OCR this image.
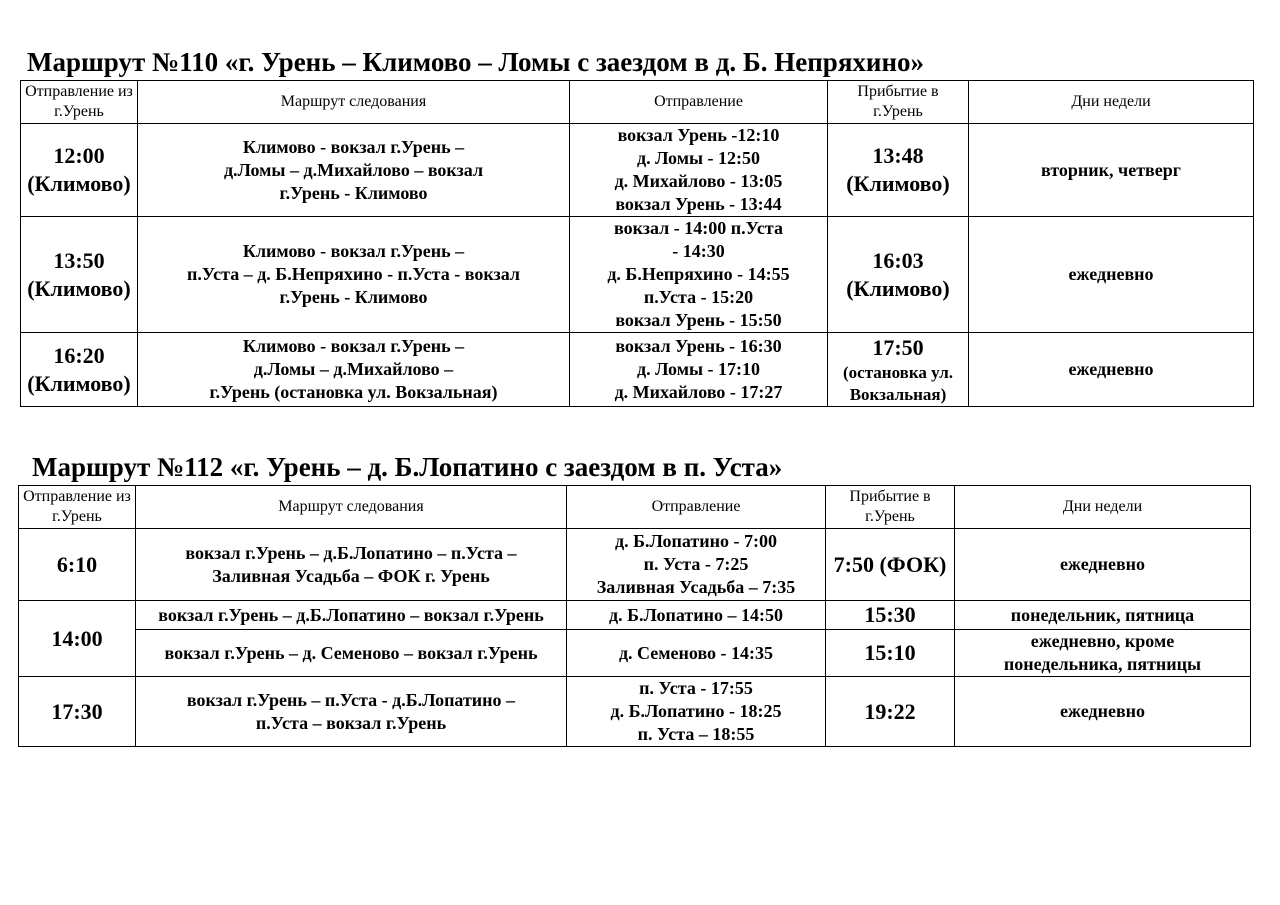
Маршрут №110 «г. Урень – Климово – Ломы с заездом в д. Б. Непряхино»
Отправление из г.Урень	Маршрут следования	Отправление	Прибытие в г.Урень	Дни недели

12:00
(Климово)	Климово - вокзал г.Урень –
д.Ломы – д.Михайлово – вокзал
г.Урень - Климово	вокзал Урень -12:10
д. Ломы - 12:50
д. Михайлово - 13:05
вокзал Урень - 13:44	13:48
(Климово)	вторник, четверг

13:50
(Климово)	Климово - вокзал г.Урень –
п.Уста – д. Б.Непряхино - п.Уста - вокзал
г.Урень - Климово	вокзал - 14:00 п.Уста
- 14:30
д. Б.Непряхино - 14:55
п.Уста - 15:20
вокзал Урень - 15:50	16:03
(Климово)	ежедневно

16:20
(Климово)	Климово - вокзал г.Урень –
д.Ломы – д.Михайлово –
г.Урень (остановка ул. Вокзальная)	вокзал Урень - 16:30
д. Ломы - 17:10
д. Михайлово - 17:27	17:50
(остановка ул.
Вокзальная)	ежедневно
Маршрут №112 «г. Урень – д. Б.Лопатино с заездом в п. Уста»
Отправление из г.Урень	Маршрут следования	Отправление	Прибытие в г.Урень	Дни недели

6:10	вокзал г.Урень – д.Б.Лопатино – п.Уста –
Заливная Усадьба – ФОК г. Урень	д. Б.Лопатино - 7:00
п. Уста - 7:25
Заливная Усадьба – 7:35	7:50 (ФОК)	ежедневно

14:00	вокзал г.Урень – д.Б.Лопатино – вокзал г.Урень	д. Б.Лопатино – 14:50	15:30	понедельник, пятница

	вокзал г.Урень – д. Семеново – вокзал г.Урень	д. Семеново - 14:35	15:10	ежедневно, кроме
понедельника, пятницы

17:30	вокзал г.Урень – п.Уста - д.Б.Лопатино –
п.Уста – вокзал г.Урень	п. Уста - 17:55
д. Б.Лопатино - 18:25
п. Уста – 18:55	19:22	ежедневно
